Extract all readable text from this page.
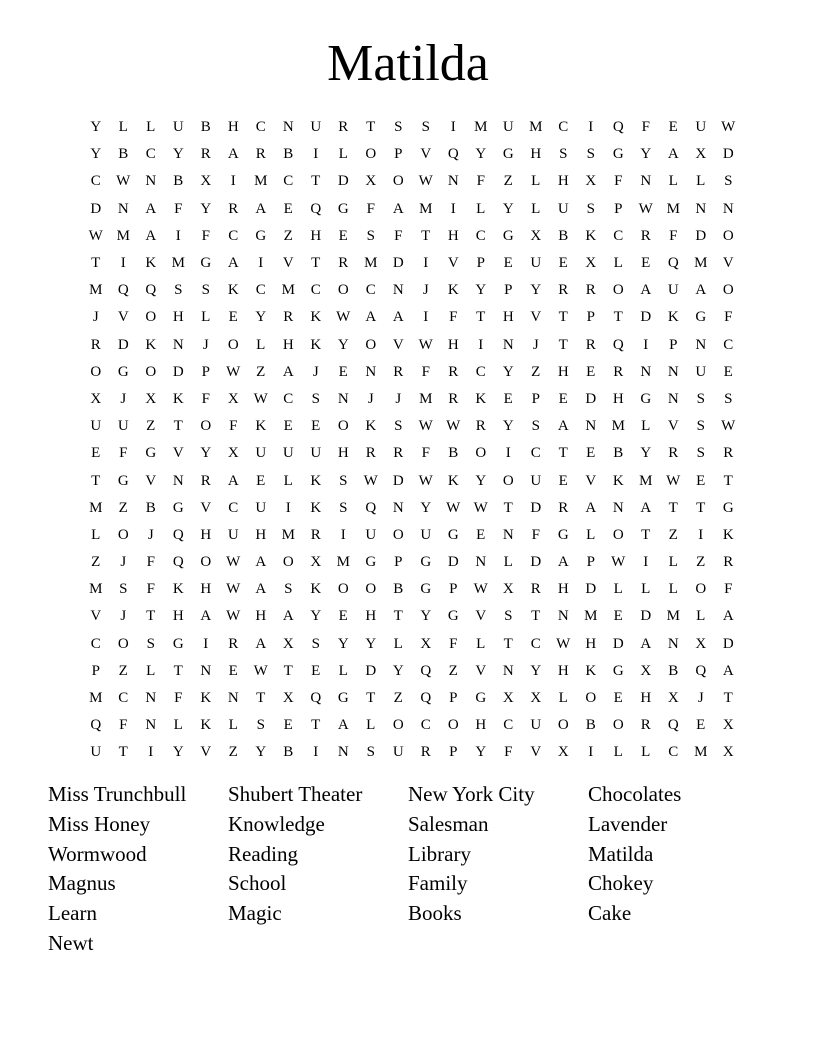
Matilda
Y	L	L	U	B	H	C	N	U	R	T	S	S	I	M	U	M	C	I	Q	F	E	U W
Y	B	C	Y	R	A	R	B	I	L	O	P	V	Q	Y	G	H	S	S	G	Y	A	X	D
C	W	N	B	X	I	M	C	T	D	X	O W	N	F	Z	L	H	X	F	N	L	L	S
D	N	A	F	Y	R	A	E	Q	G	F	A	M	I	L	Y	L	U	S	P	W M	N	N
W M	A	I	F	C	G	Z	H	E	S	F	T	H	C	G	X	B	K	C	R	F	D	O
T	I	K	M	G	A	I	V	T	R	M	D	I	V	P	E	U	E	X	L	E	Q	M	V
M	Q	Q	S	S	K	C	M	C	O	C	N	J	K	Y	P	Y	R	R	O	A	U	A	O
J	V	O	H	L	E	Y	R	K W	A	A	I	F	T	H	V	T	P	T	D	K	G	F
R	D	K	N	J	O	L	H	K	Y	O	V W	H	I	N	J	T	R	Q	I	P	N	C
O	G	O	D	P	W	Z	A	J	E	N	R	F	R	C	Y	Z	H	E	R	N	N	U	E
X	J	X	K	F	X W	C	S	N	J	J	M	R	K	E	P	E	D	H	G	N	S	S
U	U	Z	T	O	F	K	E	E	O	K	S	W W	R	Y	S	A	N	M	L	V	S	W
E	F	G	V	Y	X	U	U	U	H	R	R	F	B	O	I	C	T	E	B	Y	R	S	R
T	G	V	N	R	A	E	L	K	S	W	D W	K	Y	O	U	E	V	K	M W	E	T
M	Z	B	G	V	C	U	I	K	S	Q	N	Y W W	T	D	R	A	N	A	T	T	G
L	O	J	Q	H	U	H	M	R	I	U	O	U	G	E	N	F	G	L	O	T	Z	I	K
Z	J	F	Q	O W	A	O	X	M	G	P	G	D	N	L	D	A	P	W	I	L	Z	R
M	S	F	K	H W	A	S	K	O	O	B	G	P	W	X	R	H	D	L	L	L	O	F
V	J	T	H	A W	H	A	Y	E	H	T	Y	G	V	S	T	N	M	E	D	M	L	A
C	O	S	G	I	R	A	X	S	Y	Y	L	X	F	L	T	C	W	H	D	A	N	X	D
P	Z	L	T	N	E	W	T	E	L	D	Y	Q	Z	V	N	Y	H	K	G	X	B	Q	A
M	C	N	F	K	N	T	X	Q	G	T	Z	Q	P	G	X	X	L	O	E	H	X	J	T
Q	F	N	L	K	L	S	E	T	A	L	O	C	O	H	C	U	O	B	O	R	Q	E	X
U	T	I	Y	V	Z	Y	B	I	N	S	U	R	P	Y	F	V	X	I	L	L	C	M	X
Miss Trunchbull
Miss Honey
Wormwood
Magnus
Learn
Newt
Shubert Theater
Knowledge
Reading
School
Magic
New York City
Salesman
Library
Family
Books
Chocolates
Lavender
Matilda
Chokey
Cake
